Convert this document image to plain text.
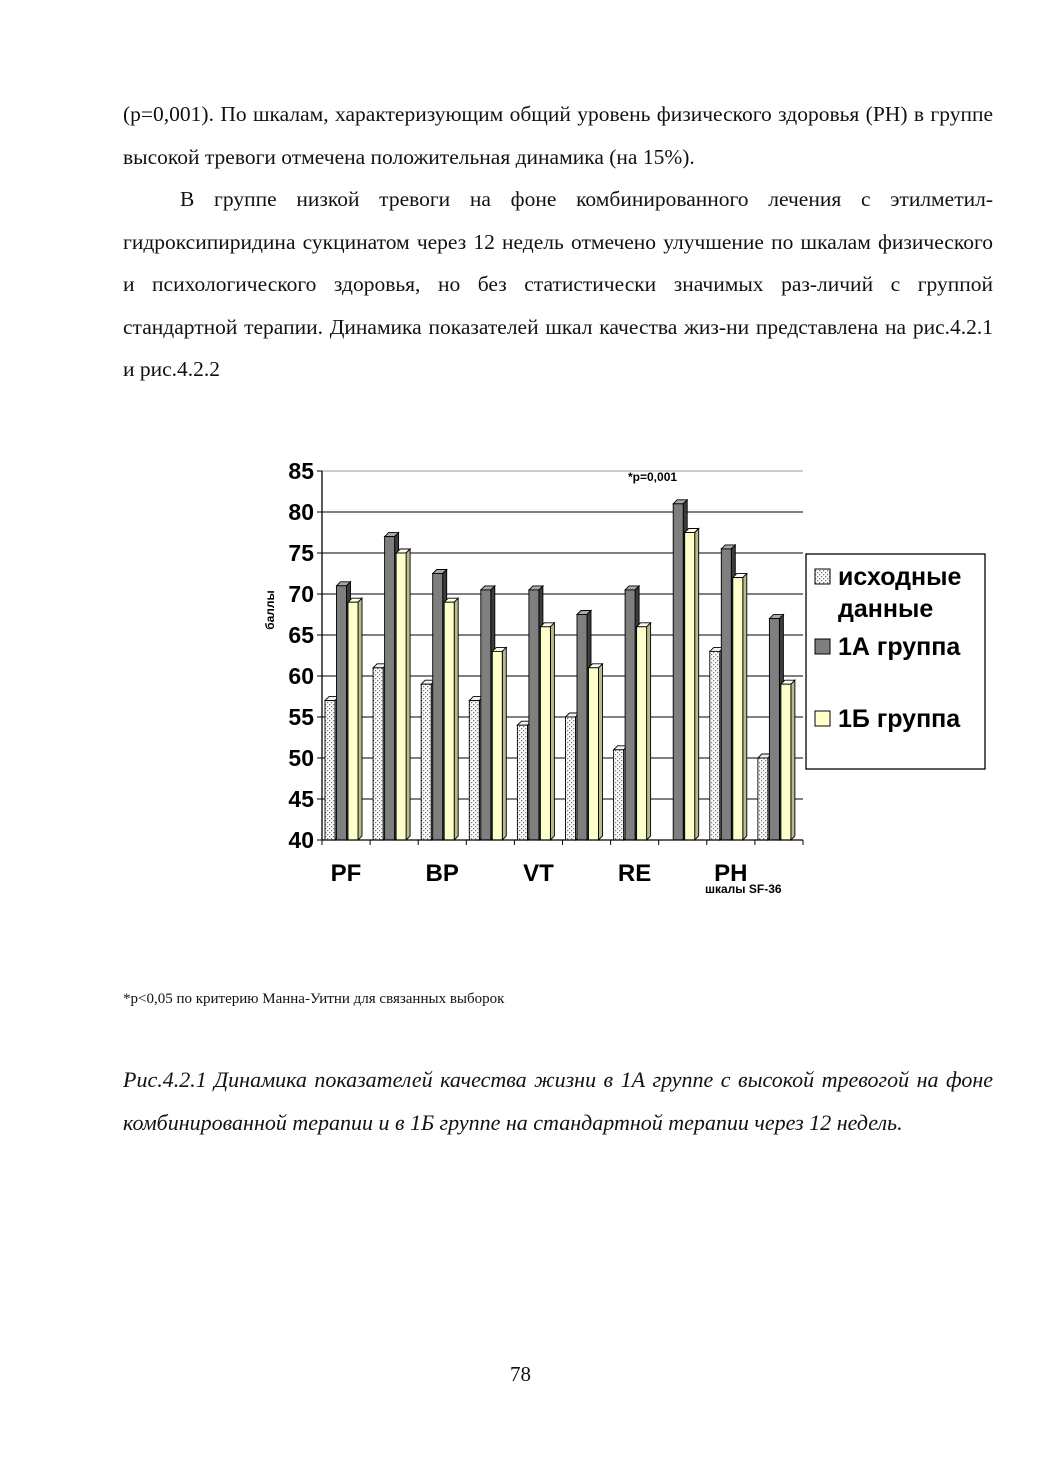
(р=0,001). По шкалам, характеризующим общий уровень физического здоровья (PH) в группе высокой тревоги отмечена положительная динамика (на 15%).

В группе низкой тревоги на фоне комбинированного лечения с этилметил-гидроксипиридина сукцинатом через 12 недель отмечено улучшение по шкалам физического и психологического здоровья, но без статистически значимых раз-личий с группой стандартной терапии. Динамика показателей шкал качества жиз-ни представлена на рис.4.2.1 и рис.4.2.2

40
45
50
55
60
65
70
75
80
85
PF	BP	VT	RE	PH
баллы
*p=0,001
шкалы SF-36
исходные
данные
1А группа
1Б группа

*p<0,05 по критерию Манна-Уитни для связанных выборок

Рис.4.2.1 Динамика показателей качества жизни в 1А группе с высокой тревогой на фоне комбинированной терапии и в 1Б группе на стандартной терапии через 12 недель.

78
